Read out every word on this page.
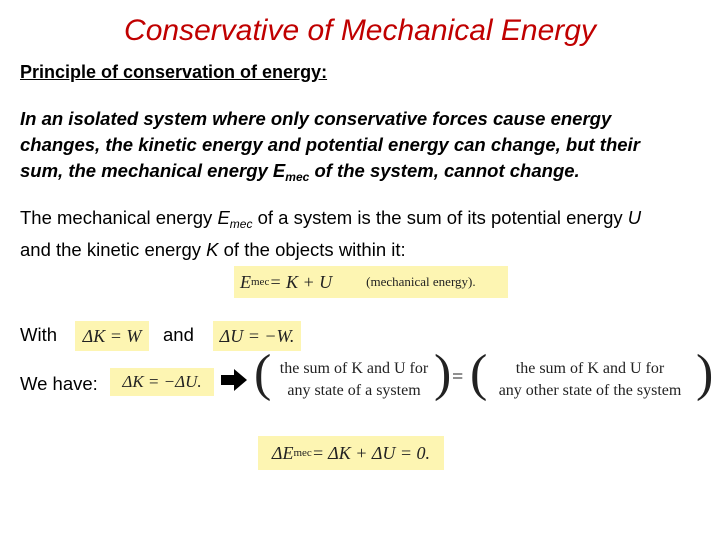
Conservative of Mechanical Energy
Principle of conservation of energy:
In an isolated system where only conservative forces cause energy
changes, the kinetic energy and potential energy can change, but their
sum, the mechanical energy $E_{mec}$ of the system, cannot change.
The mechanical energy $E_{mec}$ of a system is the sum of its potential energy U
and the kinetic energy K of the objects within it:
E mec = K + U	(mechanical energy).
With ΔK = W and ΔU = −W.
We have: ΔK = −ΔU. ( the sum of K and U for
any state of a system ) = (	the sum of K and U for
any other state of the system )
ΔE mec = ΔK + ΔU = 0.
